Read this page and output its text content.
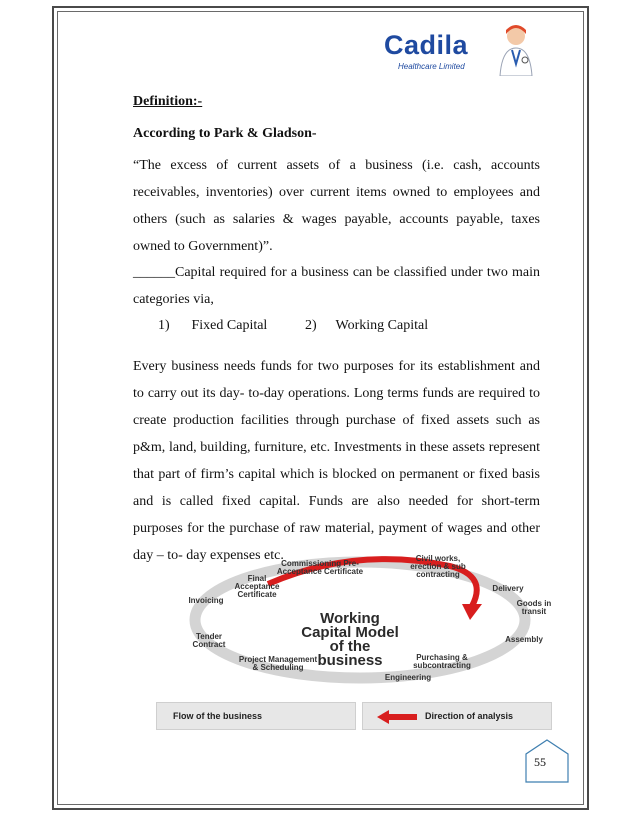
Cadila
Healthcare Limited
Definition:-
According to Park & Gladson-
“The excess of current assets of a business (i.e. cash, accounts receivables, inventories) over current items owned to employees and others (such as salaries & wages payable, accounts payable, taxes owned to Government)”.
______Capital required for a business can be classified under two main categories via,
1) Fixed Capital	2) Working Capital
Every business needs funds for two purposes for its establishment and to carry out its day- to-day operations. Long terms funds are required to create production facilities through purchase of fixed assets such as p&m, land, building, furniture, etc. Investments in these assets represent that part of firm’s capital which is blocked on permanent or fixed basis and is called fixed capital. Funds are also needed for short-term purposes for the purchase of raw material, payment of wages and other day – to- day expenses etc.
Working Capital Model of the business
Commissioning Pre-Acceptance Certificate
Civil works, erection & sub contracting
Delivery
Goods in transit
Assembly
Purchasing & subcontracting
Engineering
Project Management & Scheduling
Tender Contract
Invoicing
Final Acceptance Certificate
Flow of the business	Direction of analysis
55
